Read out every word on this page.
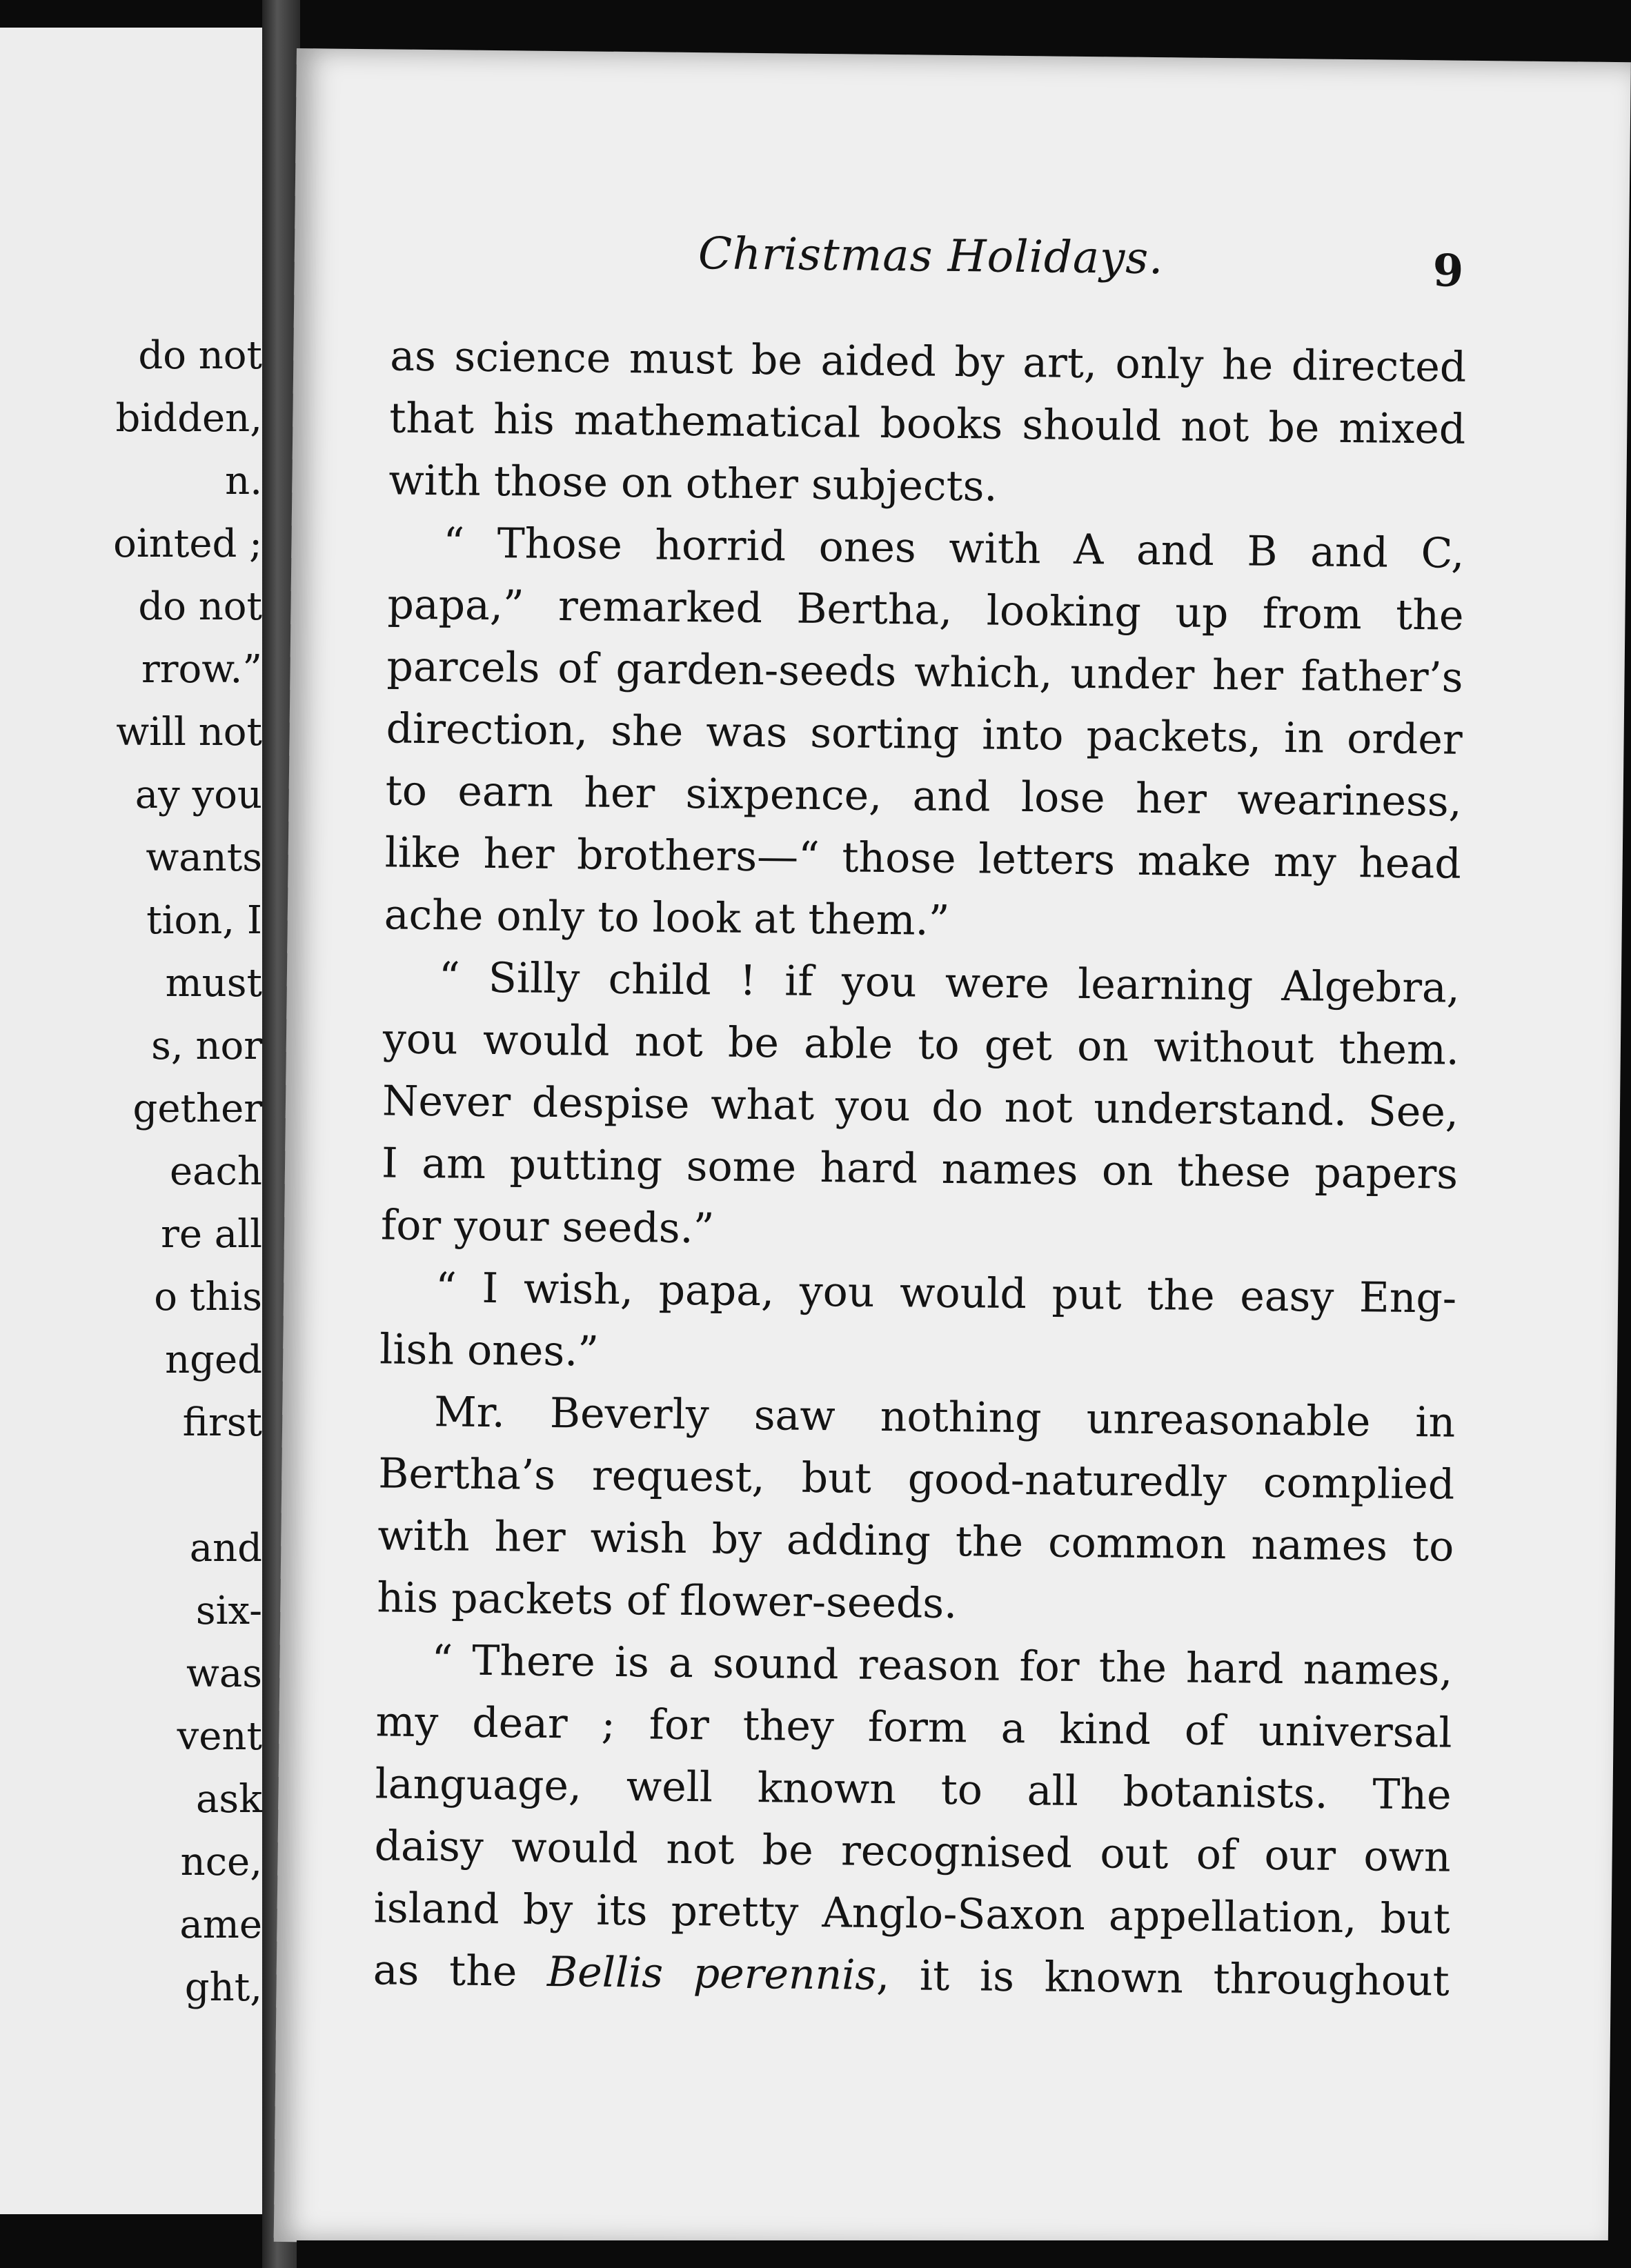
do not
bidden,
n.
ointed ;
do not
rrow.”
will not
ay you
wants
tion, I
must
s, nor
gether
each
re all
o this
nged
first
and
six-
was
vent
ask
nce,
ame
ght,
Christmas Holidays.	9
as science must be aided by art, only he directed
that his mathematical books should not be mixed
with those on other subjects.
“ Those horrid ones with A and B and C,
papa,” remarked Bertha, looking up from the
parcels of garden-seeds which, under her father’s
direction, she was sorting into packets, in order
to earn her sixpence, and lose her weariness,
like her brothers—“ those letters make my head
ache only to look at them.”
“ Silly child ! if you were learning Algebra,
you would not be able to get on without them.
Never despise what you do not understand. See,
I am putting some hard names on these papers
for your seeds.”
“ I wish, papa, you would put the easy Eng-
lish ones.”
Mr. Beverly saw nothing unreasonable in
Bertha’s request, but good-naturedly complied
with her wish by adding the common names to
his packets of flower-seeds.
“ There is a sound reason for the hard names,
my dear ; for they form a kind of universal
language, well known to all botanists. The
daisy would not be recognised out of our own
island by its pretty Anglo-Saxon appellation, but
as the Bellis perennis, it is known throughout
